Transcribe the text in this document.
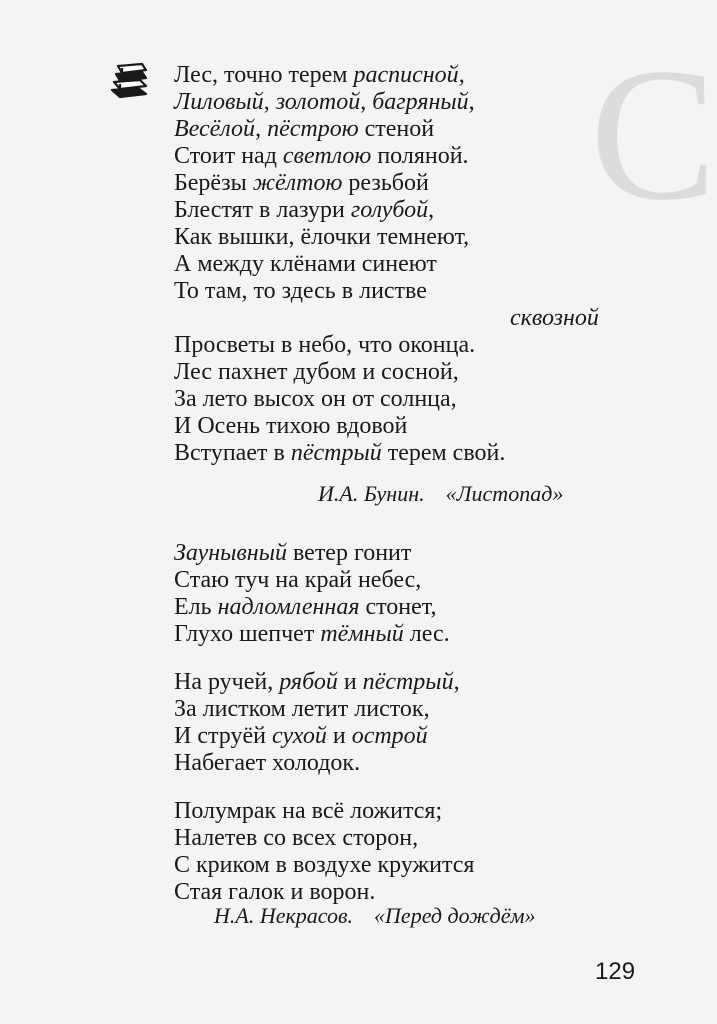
С
Лес, точно терем расписной,
Лиловый, золотой, багряный,
Весёлой, пёстрою стеной
Стоит над светлою поляной.
Берёзы жёлтою резьбой
Блестят в лазури голубой,
Как вышки, ёлочки темнеют,
А между клёнами синеют
То там, то здесь в листве
сквозной
Просветы в небо, что оконца.
Лес пахнет дубом и сосной,
За лето высох он от солнца,
И Осень тихою вдовой
Вступает в пёстрый терем свой.
И.А. Бунин. «Листопад»
Заунывный ветер гонит
Стаю туч на край небес,
Ель надломленная стонет,
Глухо шепчет тёмный лес.
На ручей, рябой и пёстрый,
За листком летит листок,
И струёй сухой и острой
Набегает холодок.
Полумрак на всё ложится;
Налетев со всех сторон,
С криком в воздухе кружится
Стая галок и ворон.
Н.А. Некрасов. «Перед дождём»
129
